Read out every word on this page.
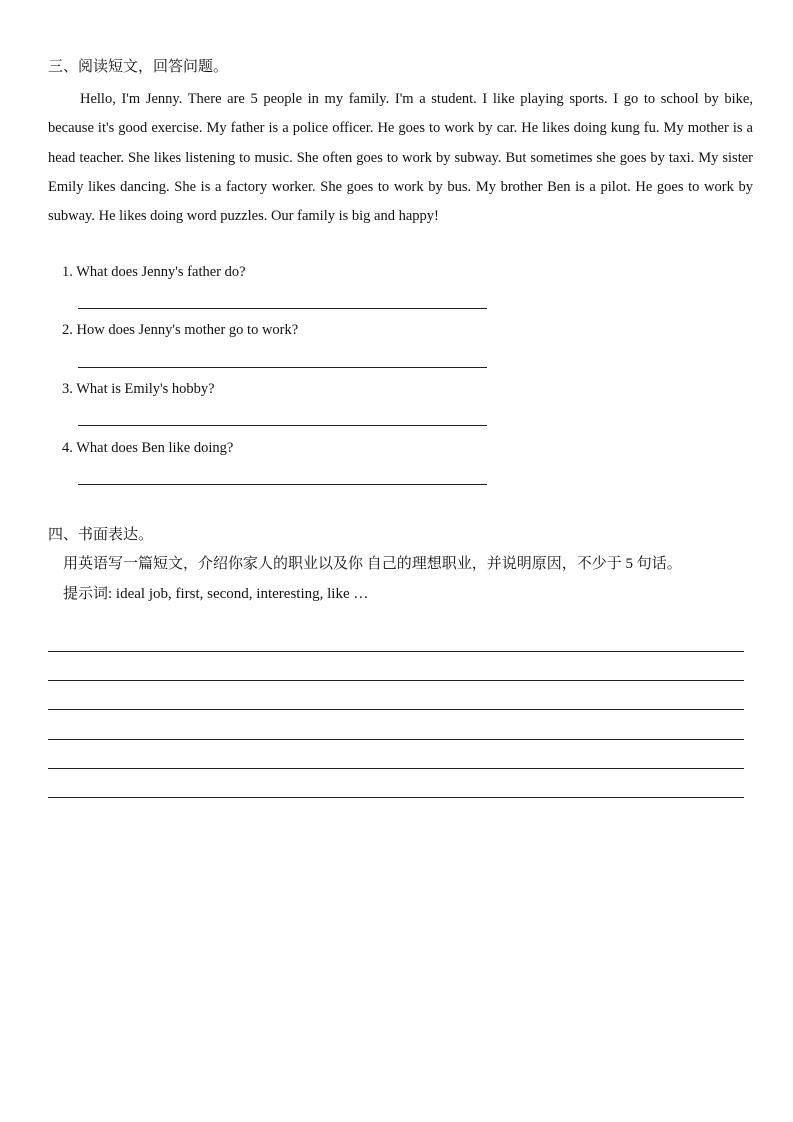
三、阅读短文，回答问题。

Hello, I'm Jenny. There are 5 people in my family. I'm a student. I like playing sports. I go to school by bike, because it's good exercise. My father is a police officer. He goes to work by car. He likes doing kung fu. My mother is a head teacher. She likes listening to music. She often goes to work by subway. But sometimes she goes by taxi. My sister Emily likes dancing. She is a factory worker. She goes to work by bus. My brother Ben is a pilot. He goes to work by subway. He likes doing word puzzles. Our family is big and happy!

1. What does Jenny's father do?
2. How does Jenny's mother go to work?
3. What is Emily's hobby?
4. What does Ben like doing?
四、书面表达。
用英语写一篇短文，介绍你家人的职业以及你 自己的理想职业，并说明原因，不少于 5 句话。
提示词: ideal job, first, second, interesting, like …
